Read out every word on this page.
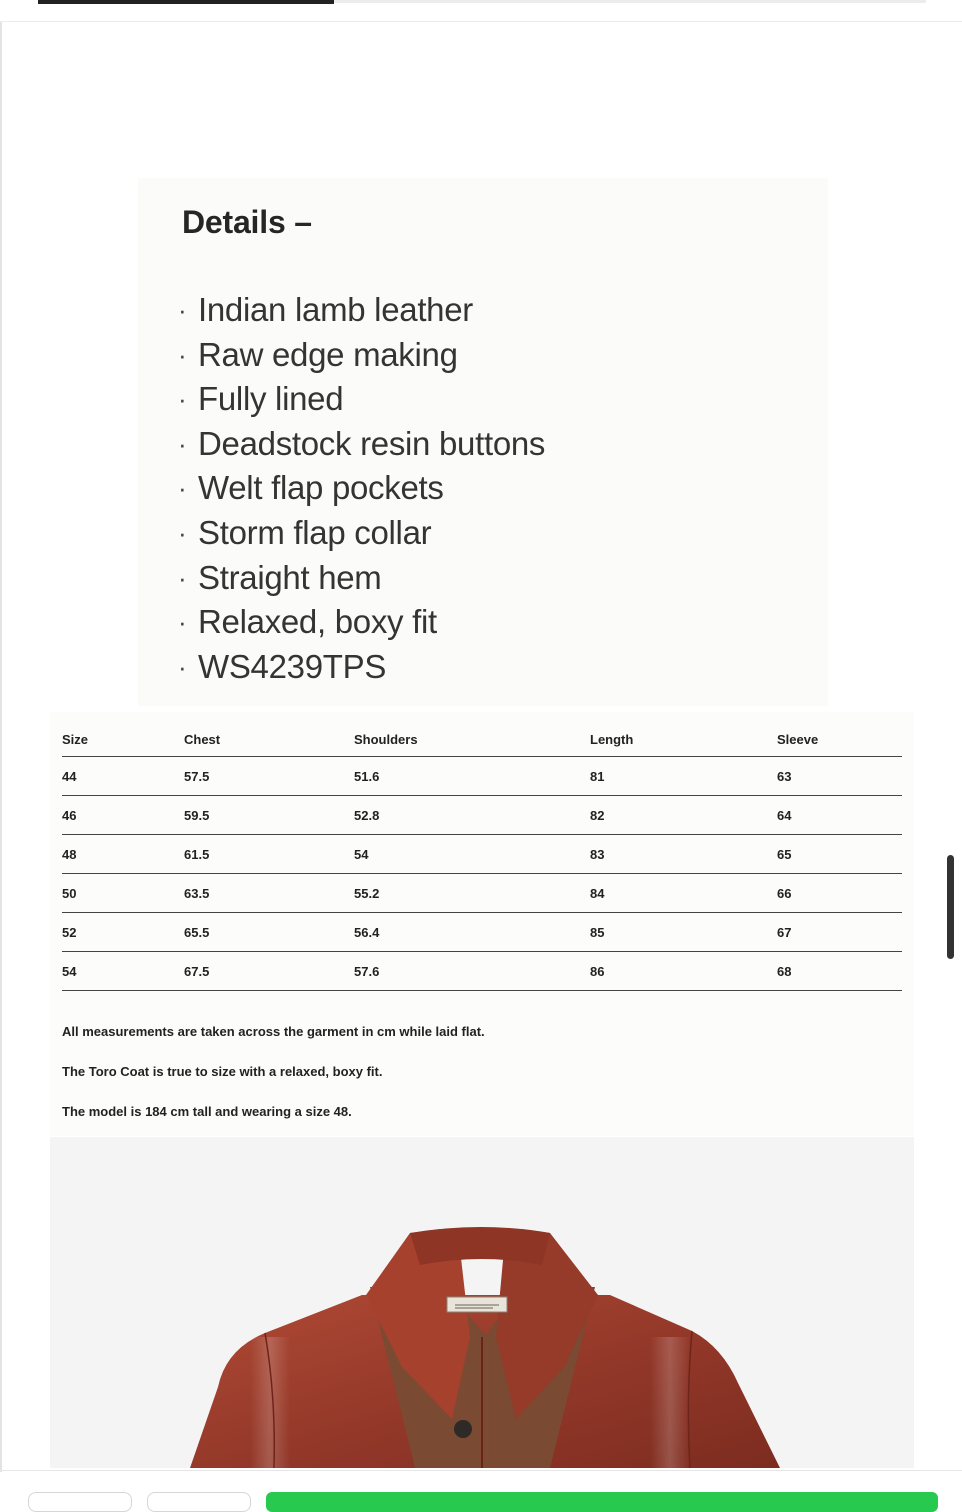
Details –
· Indian lamb leather
· Raw edge making
· Fully lined
· Deadstock resin buttons
· Welt flap pockets
· Storm flap collar
· Straight hem
· Relaxed, boxy fit
· WS4239TPS
Size	Chest	Shoulders	Length	Sleeve
44	57.5	51.6	81	63
46	59.5	52.8	82	64
48	61.5	54	83	65
50	63.5	55.2	84	66
52	65.5	56.4	85	67
54	67.5	57.6	86	68

All measurements are taken across the garment in cm while laid flat.

The Toro Coat is true to size with a relaxed, boxy fit.

The model is 184 cm tall and wearing a size 48.
